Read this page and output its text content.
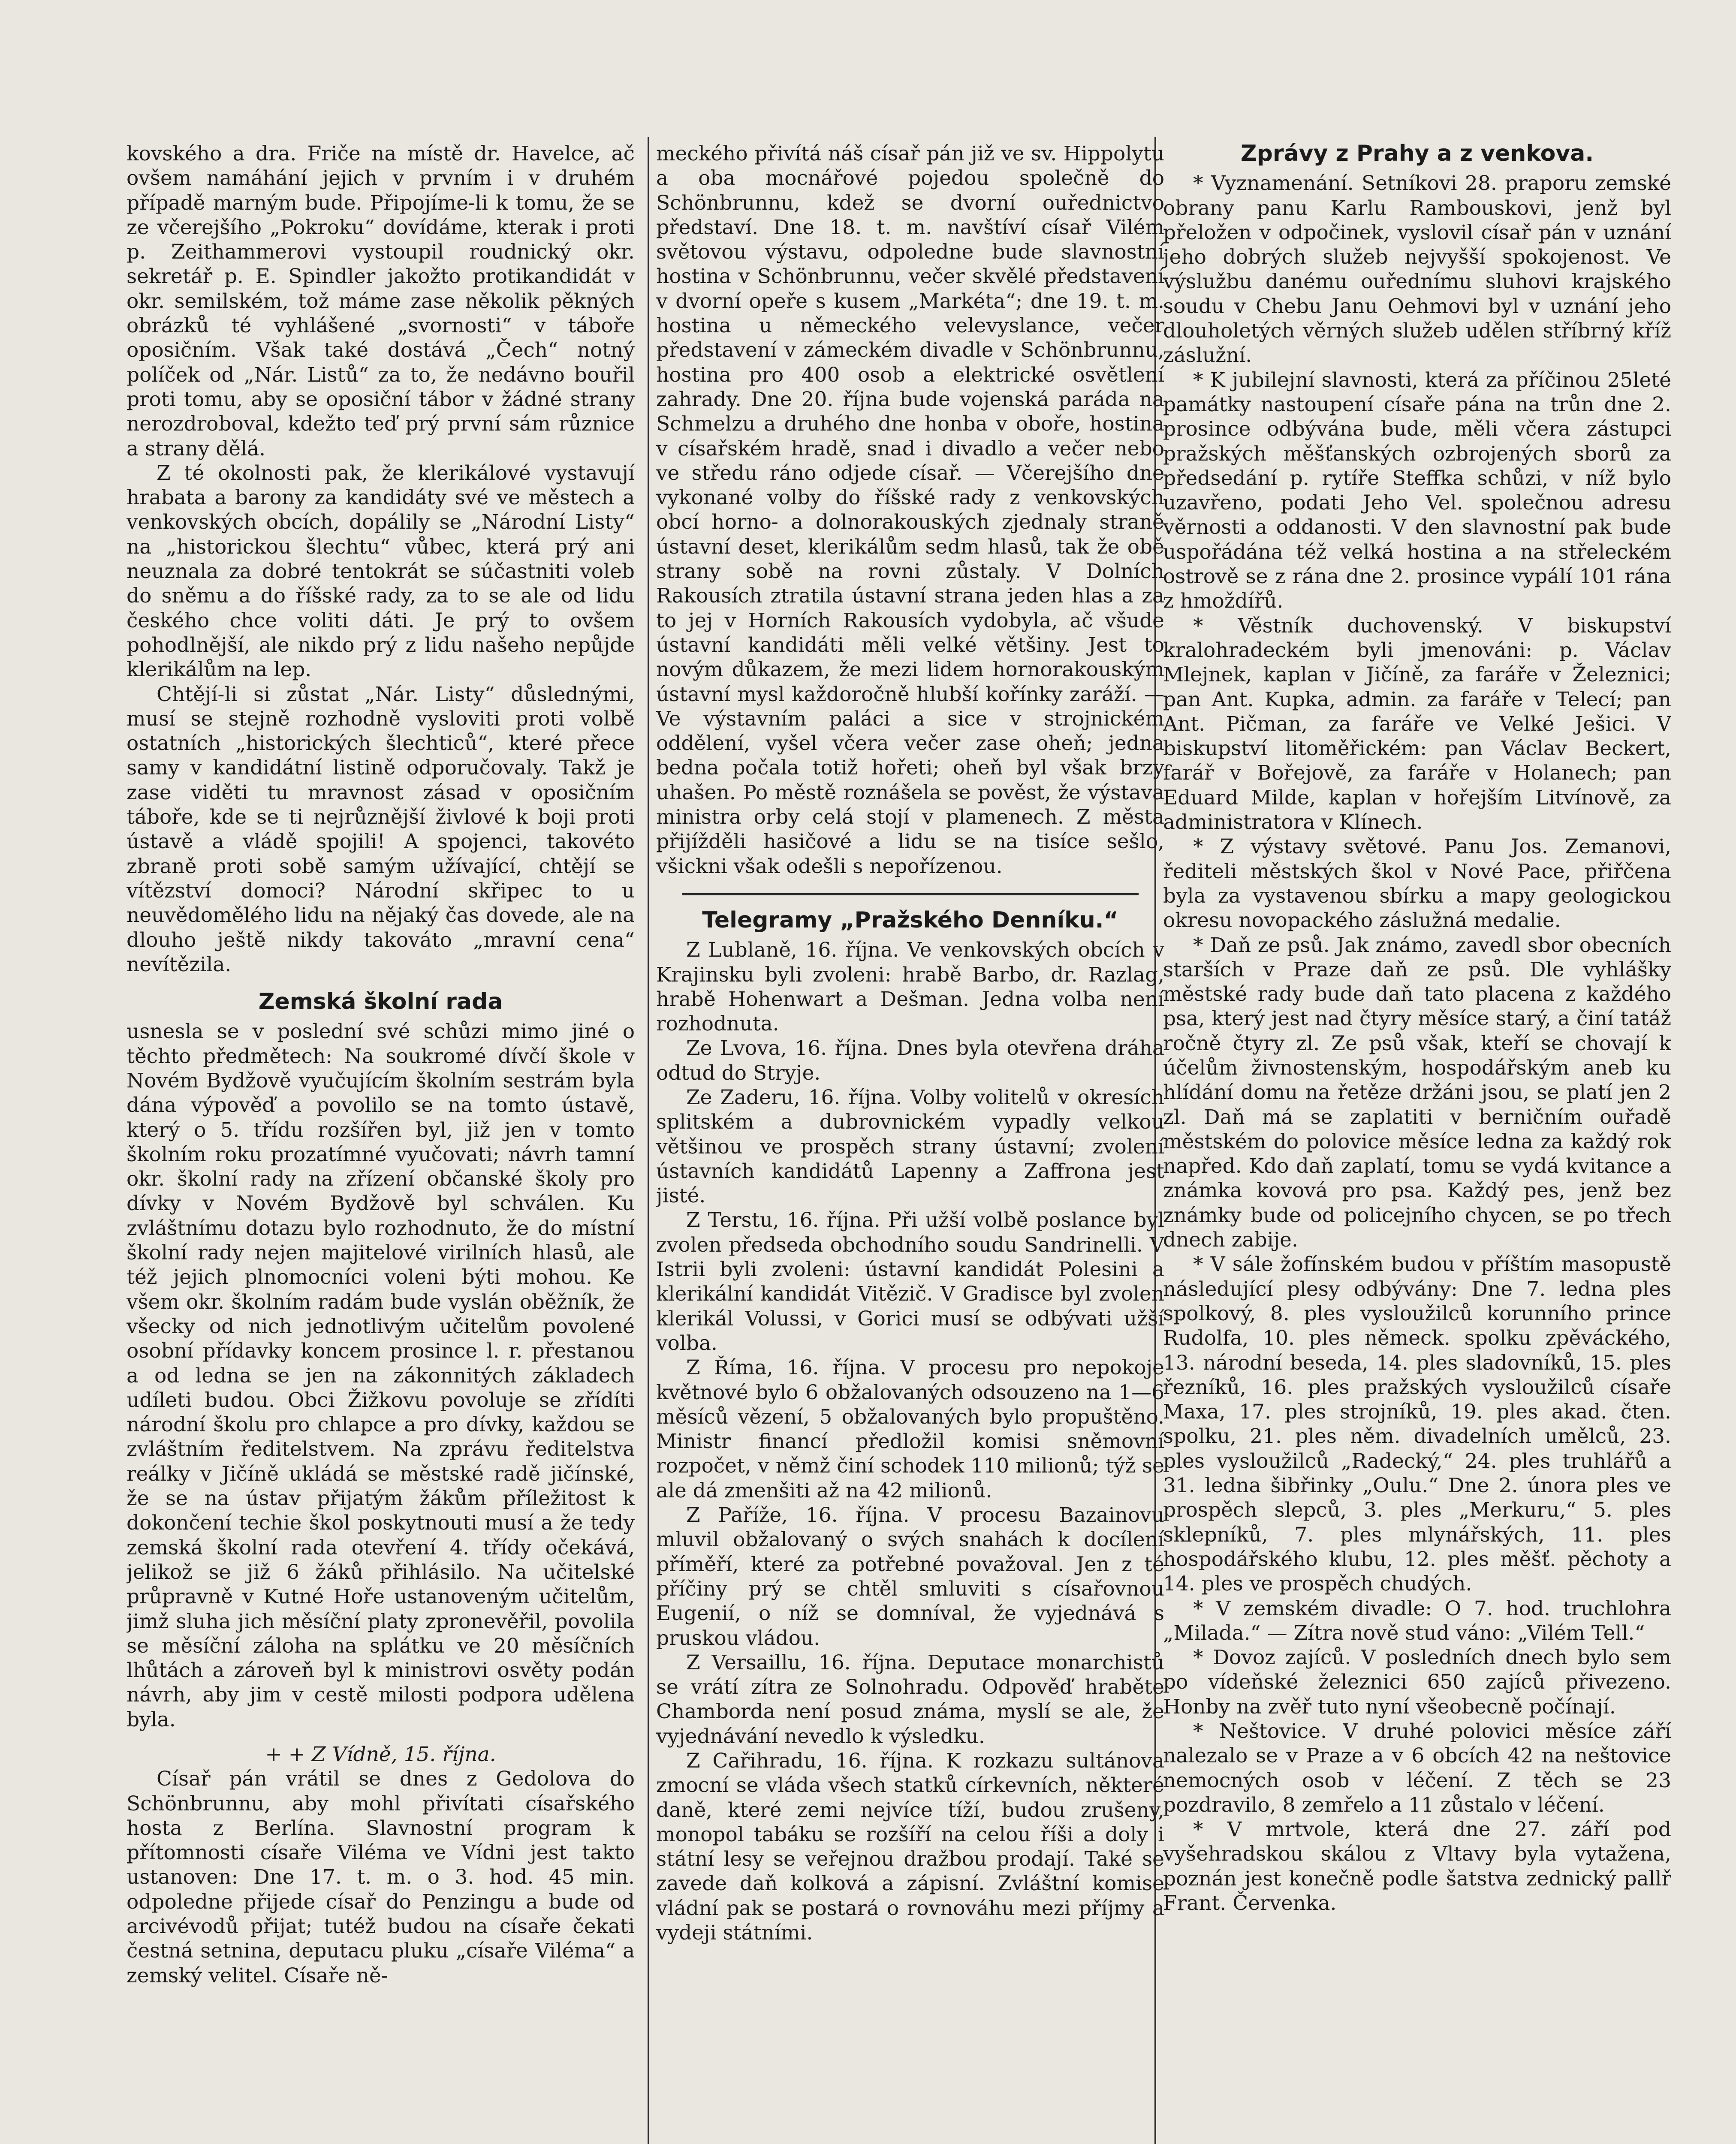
kovského a dra. Friče na místě dr. Havelce, ač ovšem namáhání jejich v prvním i v druhém případě marným bude. Připojíme-li k tomu, že se ze včerejšího „Pokroku“ dovídáme, kterak i proti p. Zeithammerovi vystoupil roudnický okr. sekretář p. E. Spindler jakožto protikandidát v okr. semilském, tož máme zase několik pěkných obrázků té vyhlášené „svornosti“ v táboře oposičním. Však také dostává „Čech“ notný políček od „Nár. Listů“ za to, že nedávno bouřil proti tomu, aby se oposiční tábor v žádné strany nerozdroboval, kdežto teď prý první sám různice a strany dělá.

Z té okolnosti pak, že klerikálové vystavují hrabata a barony za kandidáty své ve městech a venkovských obcích, dopálily se „Národní Listy“ na „historickou šlechtu“ vůbec, která prý ani neuznala za dobré tentokrát se súčastniti voleb do sněmu a do říšské rady, za to se ale od lidu českého chce voliti dáti. Je prý to ovšem pohodlnější, ale nikdo prý z lidu našeho nepůjde klerikálům na lep.

Chtějí-li si zůstat „Nár. Listy“ důslednými, musí se stejně rozhodně vysloviti proti volbě ostatních „historických šlechticů“, které přece samy v kandidátní listině odporučovaly. Takž je zase viděti tu mravnost zásad v oposičním táboře, kde se ti nejrůznější živlové k boji proti ústavě a vládě spojili! A spojenci, takovéto zbraně proti sobě samým užívající, chtějí se vítězství domoci? Národní skřipec to u neuvědomělého lidu na nějaký čas dovede, ale na dlouho ještě nikdy takováto „mravní cena“ nevítězila.

Zemská školní rada

usnesla se v poslední své schůzi mimo jiné o těchto předmětech: Na soukromé dívčí škole v Novém Bydžově vyučujícím školním sestrám byla dána výpověď a povolilo se na tomto ústavě, který o 5. třídu rozšířen byl, již jen v tomto školním roku prozatímné vyučovati; návrh tamní okr. školní rady na zřízení občanské školy pro dívky v Novém Bydžově byl schválen. Ku zvláštnímu dotazu bylo rozhodnuto, že do místní školní rady nejen majitelové virilních hlasů, ale též jejich plnomocníci voleni býti mohou. Ke všem okr. školním radám bude vyslán oběžník, že všecky od nich jednotlivým učitelům povolené osobní přídavky koncem prosince l. r. přestanou a od ledna se jen na zákonnitých základech udíleti budou. Obci Žižkovu povoluje se zřídíti národní školu pro chlapce a pro dívky, každou se zvláštním ředitelstvem. Na zprávu ředitelstva reálky v Jičíně ukládá se městské radě jičínské, že se na ústav přijatým žákům příležitost k dokončení techie škol poskytnouti musí a že tedy zemská školní rada otevření 4. třídy očekává, jelikož se již 6 žáků přihlásilo. Na učitelské průpravně v Kutné Hoře ustanoveným učitelům, jimž sluha jich měsíční platy zpronevěřil, povolila se měsíční záloha na splátku ve 20 měsíčních lhůtách a zároveň byl k ministrovi osvěty podán návrh, aby jim v cestě milosti podpora udělena byla.

+ + Z Vídně, 15. října.

Císař pán vrátil se dnes z Gedolova do Schönbrunnu, aby mohl přivítati císařského hosta z Berlína. Slavnostní program k přítomnosti císaře Viléma ve Vídni jest takto ustanoven: Dne 17. t. m. o 3. hod. 45 min. odpoledne přijede císař do Penzingu a bude od arcivévodů přijat; tutéž budou na císaře čekati čestná setnina, deputacu pluku „císaře Viléma“ a zemský velitel. Císaře ně-

meckého přivítá náš císař pán již ve sv. Hippolytu a oba mocnářové pojedou společně do Schönbrunnu, kdež se dvorní ouřednictvo představí. Dne 18. t. m. navštíví císař Vilém světovou výstavu, odpoledne bude slavnostní hostina v Schönbrunnu, večer skvělé představení v dvorní opeře s kusem „Markéta“; dne 19. t. m. hostina u německého velevyslance, večer představení v zámeckém divadle v Schönbrunnu, hostina pro 400 osob a elektrické osvětlení zahrady. Dne 20. října bude vojenská paráda na Schmelzu a druhého dne honba v oboře, hostina v císařském hradě, snad i divadlo a večer nebo ve středu ráno odjede císař. — Včerejšího dne vykonané volby do říšské rady z venkovských obcí horno- a dolnorakouských zjednaly straně ústavní deset, klerikálům sedm hlasů, tak že obě strany sobě na rovni zůstaly. V Dolních Rakousích ztratila ústavní strana jeden hlas a za to jej v Horních Rakousích vydobyla, ač všude ústavní kandidáti měli velké většiny. Jest to novým důkazem, že mezi lidem hornorakouským ústavní mysl každoročně hlubší kořínky zaráží. — Ve výstavním paláci a sice v strojnickém oddělení, vyšel včera večer zase oheň; jedna bedna počala totiž hořeti; oheň byl však brzy uhašen. Po městě roznášela se pověst, že výstava ministra orby celá stojí v plamenech. Z města přijížděli hasičové a lidu se na tisíce sešlo, všickni však odešli s nepořízenou.

Telegramy „Pražského Denníku.“

Z Lublaně, 16. října. Ve venkovských obcích v Krajinsku byli zvoleni: hrabě Barbo, dr. Razlag, hrabě Hohenwart a Dešman. Jedna volba není rozhodnuta.

Ze Lvova, 16. října. Dnes byla otevřena dráha odtud do Stryje.

Ze Zaderu, 16. října. Volby volitelů v okresích splitském a dubrovnickém vypadly velkou většinou ve prospěch strany ústavní; zvolení ústavních kandidátů Lapenny a Zaffrona jest jisté.

Z Terstu, 16. října. Při užší volbě poslance byl zvolen předseda obchodního soudu Sandrinelli. V Istrii byli zvoleni: ústavní kandidát Polesini a klerikální kandidát Vitězič. V Gradisce byl zvolen klerikál Volussi, v Gorici musí se odbývati užší volba.

Z Říma, 16. října. V procesu pro nepokoje květnové bylo 6 obžalovaných odsouzeno na 1—6 měsíců vězení, 5 obžalovaných bylo propuštěno. Ministr financí předložil komisi sněmovní rozpočet, v němž činí schodek 110 milionů; týž se ale dá zmenšiti až na 42 milionů.

Z Paříže, 16. října. V procesu Bazainovu mluvil obžalovaný o svých snahách k docílení příměří, které za potřebné považoval. Jen z té příčiny prý se chtěl smluviti s císařovnou Eugenií, o níž se domníval, že vyjednává s pruskou vládou.

Z Versaillu, 16. října. Deputace monarchistů se vrátí zítra ze Solnohradu. Odpověď hraběte Chamborda není posud známa, myslí se ale, že vyjednávání nevedlo k výsledku.

Z Cařihradu, 16. října. K rozkazu sultánova zmocní se vláda všech statků církevních, některé daně, které zemi nejvíce tíží, budou zrušeny, monopol tabáku se rozšíří na celou říši a doly i státní lesy se veřejnou dražbou prodají. Také se zavede daň kolková a zápisní. Zvláštní komise vládní pak se postará o rovnováhu mezi příjmy a vydeji státními.

Zprávy z Prahy a z venkova.

* Vyznamenání. Setníkovi 28. praporu zemské obrany panu Karlu Rambouskovi, jenž byl přeložen v odpočinek, vyslovil císař pán v uznání jeho dobrých služeb nejvyšší spokojenost. Ve výslužbu danému ouřednímu sluhovi krajského soudu v Chebu Janu Oehmovi byl v uznání jeho dlouholetých věrných služeb udělen stříbrný kříž záslužní.

* K jubilejní slavnosti, která za příčinou 25leté památky nastoupení císaře pána na trůn dne 2. prosince odbývána bude, měli včera zástupci pražských měšťanských ozbrojených sborů za předsedání p. rytíře Steffka schůzi, v níž bylo uzavřeno, podati Jeho Vel. společnou adresu věrnosti a oddanosti. V den slavnostní pak bude uspořádána též velká hostina a na střeleckém ostrově se z rána dne 2. prosince vypálí 101 rána z hmoždířů.

* Věstník duchovenský. V biskupství kralohradeckém byli jmenováni: p. Václav Mlejnek, kaplan v Jičíně, za faráře v Železnici; pan Ant. Kupka, admin. za faráře v Telecí; pan Ant. Pičman, za faráře ve Velké Ješici. V biskupství litoměřickém: pan Václav Beckert, farář v Bořejově, za faráře v Holanech; pan Eduard Milde, kaplan v hořejším Litvínově, za administratora v Klínech.

* Z výstavy světové. Panu Jos. Zemanovi, řediteli městských škol v Nové Pace, přiřčena byla za vystavenou sbírku a mapy geologickou okresu novopackého záslužná medalie.

* Daň ze psů. Jak známo, zavedl sbor obecních starších v Praze daň ze psů. Dle vyhlášky městské rady bude daň tato placena z každého psa, který jest nad čtyry měsíce starý, a činí tatáž ročně čtyry zl. Ze psů však, kteří se chovají k účelům živnostenským, hospodářským aneb ku hlídání domu na řetěze držáni jsou, se platí jen 2 zl. Daň má se zaplatiti v berničním ouřadě městském do polovice měsíce ledna za každý rok napřed. Kdo daň zaplatí, tomu se vydá kvitance a známka kovová pro psa. Každý pes, jenž bez známky bude od policejního chycen, se po třech dnech zabije.

* V sále žofínském budou v příštím masopustě následující plesy odbývány: Dne 7. ledna ples spolkový, 8. ples vysloužilců korunního prince Rudolfa, 10. ples německ. spolku zpěváckého, 13. národní beseda, 14. ples sladovníků, 15. ples řezníků, 16. ples pražských vysloužilců císaře Maxa, 17. ples strojníků, 19. ples akad. čten. spolku, 21. ples něm. divadelních umělců, 23. ples vysloužilců „Radecký,“ 24. ples truhlářů a 31. ledna šibřinky „Oulu.“ Dne 2. února ples ve prospěch slepců, 3. ples „Merkuru,“ 5. ples sklepníků, 7. ples mlynářských, 11. ples hospodářského klubu, 12. ples měšť. pěchoty a 14. ples ve prospěch chudých.

* V zemském divadle: O 7. hod. truchlohra „Milada.“ — Zítra nově stud váno: „Vilém Tell.“

* Dovoz zajíců. V posledních dnech bylo sem po vídeňské železnici 650 zajíců přivezeno. Honby na zvěř tuto nyní všeobecně počínají.

* Neštovice. V druhé polovici měsíce září nalezalo se v Praze a v 6 obcích 42 na neštovice nemocných osob v léčení. Z těch se 23 pozdravilo, 8 zemřelo a 11 zůstalo v léčení.

* V mrtvole, která dne 27. září pod vyšehradskou skálou z Vltavy byla vytažena, poznán jest konečně podle šatstva zednický pallř Frant. Červenka.
